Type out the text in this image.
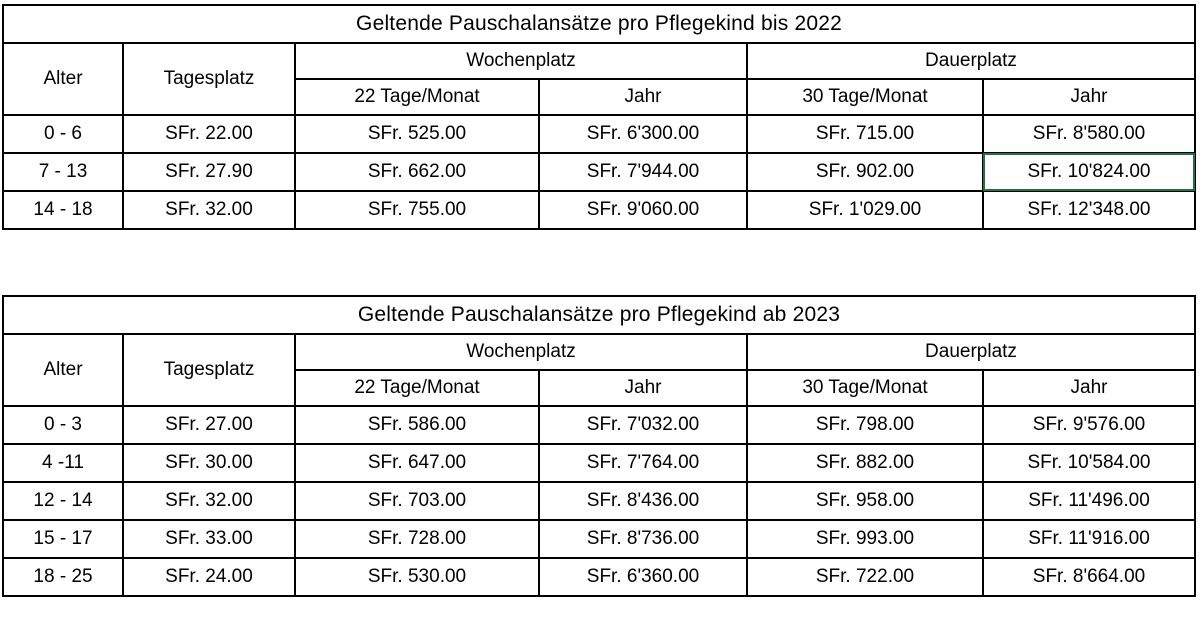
Geltende Pauschalansätze pro Pflegekind bis 2022					
Alter	Tagesplatz	Wochenplatz		Dauerplatz	
		22 Tage/Monat	Jahr	30 Tage/Monat	Jahr
0 - 6	SFr. 22.00	SFr. 525.00	SFr. 6'300.00	SFr. 715.00	SFr. 8'580.00
7 - 13	SFr. 27.90	SFr. 662.00	SFr. 7'944.00	SFr. 902.00	SFr. 10'824.00
14 - 18	SFr. 32.00	SFr. 755.00	SFr. 9'060.00	SFr. 1'029.00	SFr. 12'348.00
Geltende Pauschalansätze pro Pflegekind ab 2023					
Alter	Tagesplatz	Wochenplatz		Dauerplatz	
		22 Tage/Monat	Jahr	30 Tage/Monat	Jahr
0 - 3	SFr. 27.00	SFr. 586.00	SFr. 7'032.00	SFr. 798.00	SFr. 9'576.00
4 -11	SFr. 30.00	SFr. 647.00	SFr. 7'764.00	SFr. 882.00	SFr. 10'584.00
12 - 14	SFr. 32.00	SFr. 703.00	SFr. 8'436.00	SFr. 958.00	SFr. 11'496.00
15 - 17	SFr. 33.00	SFr. 728.00	SFr. 8'736.00	SFr. 993.00	SFr. 11'916.00
18 - 25	SFr. 24.00	SFr. 530.00	SFr. 6'360.00	SFr. 722.00	SFr. 8'664.00
